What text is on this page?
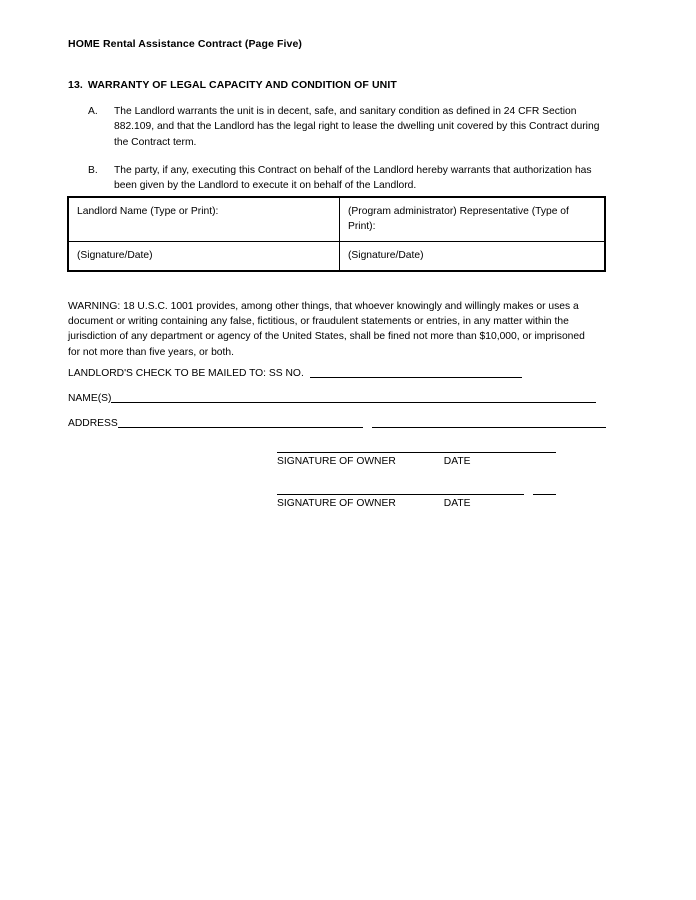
HOME Rental Assistance Contract (Page Five)
13. WARRANTY OF LEGAL CAPACITY AND CONDITION OF UNIT
A.	The Landlord warrants the unit is in decent, safe, and sanitary condition as defined in 24 CFR Section 882.109, and that the Landlord has the legal right to lease the dwelling unit covered by this Contract during the Contract term.
B.	The party, if any, executing this Contract on behalf of the Landlord hereby warrants that authorization has been given by the Landlord to execute it on behalf of the Landlord.
Landlord Name (Type or Print):	(Program administrator) Representative (Type of Print):
(Signature/Date)	(Signature/Date)
WARNING: 18 U.S.C. 1001 provides, among other things, that whoever knowingly and willingly makes or uses a document or writing containing any false, fictitious, or fraudulent statements or entries, in any matter within the jurisdiction of any department or agency of the United States, shall be fined not more than $10,000, or imprisoned for not more than five years, or both.
LANDLORD'S CHECK TO BE MAILED TO: SS NO.
NAME(S)
ADDRESS
SIGNATURE OF OWNER	DATE
SIGNATURE OF OWNER	DATE
